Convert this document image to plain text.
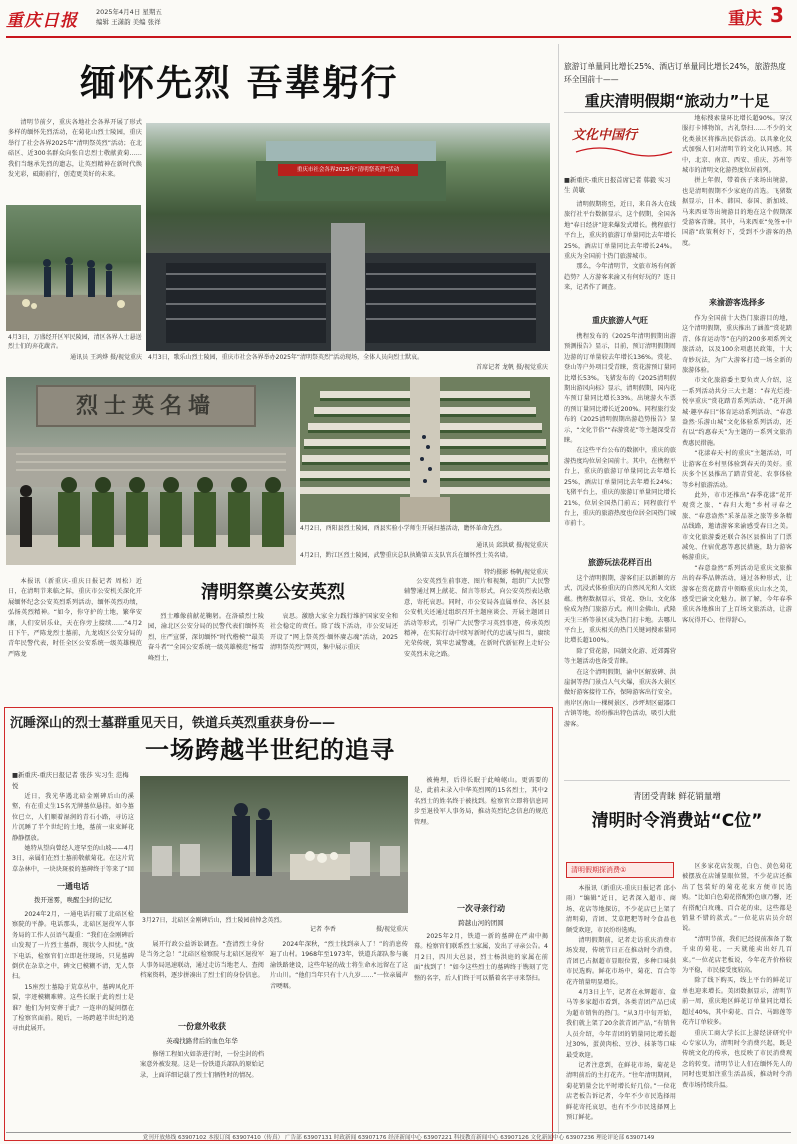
重庆日报	2025年4月4日 星期五
编辑 王潇韵 美编 张祥	重庆 3
缅怀先烈 吾辈躬行

清明节前夕，重庆各地社会各界开展了形式多样的缅怀先烈活动，在菊花山烈士陵园，重庆举行了社会各界2025年“清明祭英烈”活动；在北碚区、近300名群众向张自忠烈士敬献黄菊……我们当继承先烈的遗志，让英烈精神在新时代焕发光彩，砥砺前行，创造更美好的未来。

4月3日，万盛经开区军民陵园，清区各界人士悬送烈士们的弃花蔬音。
通讯员 王鸿烨 摄/视觉重庆
重庆市社会各界2025年“清明祭英烈”活动
4月3日，歌乐山烈士陵园，重庆市社会各界举办2025年“清明祭英烈”活动现场，全体人员向烈士默哀。
首席记者 龙帆 摄/视觉重庆
烈士英名墙
4月2日，酉阳县烈士陵园，酉县实验小学师生开展扫墓活动，瞻怀革命先烈。
通讯员 邱洪斌 摄/视觉重庆
4月2日，黔江区烈士陵园，武警重庆总队执勤第五支队官兵在缅怀烈士英名墙。
特约摄影 杨帆/视觉重庆

本报讯（新重庆-重庆日报记者 周松）近日，在清明节来临之际，重庆市公安机关深化开展缅怀纪念公安英烈系列活动，缅怀英烈功绩，弘扬英烈精神。“如今，你守护的土地，繁华安康，人们安居乐业，天在你旁上接续……”4月2日下午，严陈龙烈士墓前，九龙坡区公安分局的青年民警代表，时任全区公安系统一级英雄模范严陈龙

清明祭奠公安英烈

烈士雕像前献花鞠躬。在洛碛烈士陵园，渝北区公安分局的民警代表们缅怀英烈，庄严宣誓，深切缅怀“时代楷模”“最美奋斗者”“全国公安系统一级英雄模范”杨雪峰烈士，

哀思。激励大家全力践行维护国家安全和社会稳定的责任。除了线下活动，市公安局还开设了“网上祭英烈·缅怀赓志魂”活动，2025清明祭英烈“网页，集中展示重庆

公安英烈生前事迹、图片和视频，组织广大民警辅警通过网上献花、留言等形式，向公安英烈表达敬意，寄托哀思。同时，市公安局各直属单位、各区县公安机关还通过组织召开主题座谈会、开展主题团日活动等形式，引导广大民警学习英烈事迹，传承英烈精神，在实际行动中续写新时代的忠诚与担当，赓续光荣传统，筑牢忠诚警魂，在新时代新征程上走好公安英烈未竟之路。

沉睡深山的烈士墓群重见天日，铁道兵英烈重获身份——
一场跨越半世纪的追寻
■新重庆-重庆日报记者 张莎 实习生 范梅悦

近日，我光华遇北碚金刚碑后山的溪壑，有在重丈生15名无牌墓位悬挂。如今墓位已立，人们顺着湿润的青石小路，寻访这片沉睡了半个世纪的土地，墓前一束束鲜花静静摆放。

她特从望向曾经人迹罕至的山坡——4月3日，亲属们在烈士墓前敬献菊花。在这片荒草杂林中，一块块斑驳的墓碑终于等来了“回

一通电话
拨开迷雾，唤醒尘封的记忆

2024年2月，一通电话打破了北碚区检察院的平静。电话那头，北碚区退役军人事务局的工作人员语气凝重：“我们在金刚碑后山发现了一片烈士墓群，现状令人担忧。”放下电话，检察官们立即赶往现场，只见墓碑倒伏在杂草之中，碑文已模糊不清，无人祭扫。

15座烈士墓隐于荒草丛中，墓碑风化开裂，字迹模糊难辨。这些长眠于此的烈士是谁？他们为何安葬于此？一连串的疑问摆在了检察官面前。随后，一场跨越半世纪的追寻由此展开。

3月27日，北碚区金刚碑后山，烈士陵园前悼念英烈。
记者 李香	摄/视觉重庆

展开行政公益诉讼调查。“查清烈士身份是当务之急！”北碚区检察院与北碚区退役军人事务局迅速联动，通过走访当地老人、查阅档案资料，逐步拼凑出了烈士们的身份信息。

一份意外收获
英魂找路背后的血色年华

修缮工程如火如荼进行时，一份尘封的档案意外被发现。这是一份铁道兵部队的原始记录，上面详细记载了烈士们牺牲时的情况。

2024年深秋，“烈士找到亲人了！”的消息传遍了山村。1968年至1973年，铁道兵部队参与襄渝铁路建设，这些年轻的战士将生命永远留在了这片山川。“他们当年只有十八九岁……”一位亲属声音哽咽。

被掩埋，后得长眠于此崎岖山。更需要的是，此前未录入中华英烈网的15名烈士，其中2名烈士的姓名终于被找到。检察官立即将信息同步至退役军人事务局，推动英烈纪念信息的规范管理。

一次寻亲行动
跨越山河的团圆

2025年2月，铁道一新的墓碑在严肃中揭幕。检察官们联系烈士家属，发出了寻亲公告。4月2日，四川大邑县，烈士杨洪庭的家属在前面“找到了！”如今这些烈士的墓碑终于镌刻了完整的名字，后人们终于可以循着名字寻来祭扫。

旅游订单量同比增长25%、酒店订单量同比增长24%，旅游热度环全国前十——
重庆清明假期“旅动力”十足
文化中国行
■新重庆-重庆日报首席记者 韩毅 实习生 黄敏

清明假期将至，近日，来自各大在线旅行社平台数据显示，这个假期，全国各地“春日经济”迎来爆发式增长。携程旅行平台上，重庆的旅游订单量同比去年增长25%，酒店订单量同比去年增长24%。重庆为全国前十热门旅游城市。

那么，今年清明节，文旅市场有何新趋势？人方游客来渝又有何好玩的？连日来，记者作了调查。

重庆旅游人气旺

携程发布的《2025年清明假期出游预测报告》显示，目前，预订清明假期周边游的订单量较去年增长136%。赏花、登山等户外项目受青睐，赏花游预订量同比增长53%。飞猪发布的《2025清明假期出游风向标》显示，清明假期，国内花车预订量同比增长33%。出境游火车票的预订量同比增长近200%。同程旅行发布的《2025清明假期出游趋势报告》显示，“文化节俗”“春游赏花”等主题深受青睐。

在这些平台公布的数据中，重庆的旅游热度均位居全国前十。其中，在携程平台上，重庆的旅游订单量同比去年增长25%，酒店订单量同比去年增长24%；飞猪平台上，重庆的旅游订单量同比增长21%，位居全国热门前五；同程旅行平台上，重庆的旅游热度也位居全国热门城市前十。

旅游玩法花样百出

这个清明假期，游客们正以新颖的方式，沉浸式体验重庆的自然风光和人文底蕴。携程数据显示，赏花、登山、文化体验成为热门旅游方式。南川金佛山、武隆天生三桥等景区成为热门打卡地。去哪儿平台上，重庆相关的热门关键词搜索量同比增长超100%。

除了赏花游，国潮文化游、近郊露营等主题活动也备受青睐。

在这个清明假期，渝中区解放碑、洪崖洞等热门景点人气火爆，重庆各大景区做好游客接待工作，保障游客出行安全。南岸区南山一棵树景区、沙坪坝区磁器口古镇等地，纷纷推出特色活动，吸引大批游客。

地标搜索量环比增长超90%。穿汉服打卡博物馆，古礼祭扫……不少的文化类景区将推出民俗活动。以具象化仪式加强人们对清明节的文化认同感。其中，北京、南京、西安、重庆、苏州等城市的清明文化游热度位居前列。

拼上年假，带着孩子来场出境游，也是清明假期不少家庭的首选。飞猪数据显示，日本、韩国、泰国、新加坡、马来西亚等出境游目的地在这个假期深受游客青睐。其中，马来西亚“免签+中国游”政策利好下，受到不少游客的热度。

来渝游客选择多

作为全国前十大热门旅游目的地，这个清明假期，重庆推出了涵盖“赏花踏青、体育运动等”在内的200多项系列文旅活动，以及100余项惠民政策，十大奇妙玩法，为广大游客打造一场全新的旅游体验。

市文化旅游委主要负责人介绍，这一系列活动共分三大主题：“春光烂漫·悦享重庆”赏花踏青系列活动、“花开满城·趣享春日”体育运动系列活动、“春意盎然·乐游山城”文化体验系列活动，还有以“约惠春天”为主题的一系列文旅消费惠民措施。

“花漾春天·村的重庆”主题活动，可让游客在乡村里体验到春天的美好。重庆多个区县推出了踏青赏花、农事体验等乡村旅游活动。

此外，市市还推出“春季花漾”花开观赏之旅、“春归大地”乡村寻春之旅、“春意盎然”采茶品茶之旅等多条精品线路，邀请游客来渝感受春日之美。市文化旅游委还联合各区县推出了门票减免、住宿优惠等惠民措施，助力游客畅游重庆。

“春意盎然”系列活动是重庆文旅推出的春季品牌活动，通过各种形式，让游客在赏花踏青中领略重庆山水之美，感受巴渝文化魅力。据了解，今年春季重庆各地推出了上百场文旅活动，让游客玩得开心、住得舒心。

青团受青睐 鲜花销量增
清明时令消费站“C位”
清明假期探消费①

本报讯（新重庆-重庆日报记者 邱小雨）“编辑”近日，记者深入超市、商场、花店等地探访，不少花店已上架了清明菊，青团、艾草粑粑等时令食品也颇受欢迎，市民纷纷选购。

清明假期前，记者走访重庆消费市场发现，传统节日正在推动时令消费。青团已占据超市显眼位置，多种口味供市民选购。鲜花市场中，菊花、百合等花卉销量明显增长。

4月3日上午，记者在永辉超市、盒马等多家超市看到，各类青团产品已成为超市销售的热门。“从3月中旬开始，我们就上架了20余款青团产品，”有销售人员介绍，今年青团的销量同比增长超过30%，蛋黄肉松、豆沙、抹茶等口味最受欢迎。

记者注意到，在鲜花市场，菊花是清明前后的主打花卉。“往年清明期间，菊花销量会比平时增长好几倍。”一位花店老板告诉记者，今年不少市民选择用鲜花寄托哀思，也有不少市民选择网上预订鲜花。

区多家花店发现，白色、黄色菊花被摆放在店铺显眼位置，不少花店还推出了包装好的菊花花束方便市民选购。“比如白色菊花搭配粉色康乃馨，还有搭配白玫瑰、百合花的束，这些都是销量不错的款式。”一位花店店员介绍说。

“清明节前，我们已经提前准备了数千束的菊花，一天就能卖出好几百束。”一位花店老板说，今年花卉价格较为平稳，市民接受度较高。

除了线下购买，线上平台的鲜花订单也迎来增长。美团数据显示，清明节前一周，重庆地区鲜花订单量同比增长超过40%，其中菊花、百合、马蹄莲等花卉订单较多。

重庆工商大学长江上游经济研究中心专家认为，清明时令消费兴起，既是传统文化的传承，也反映了市民消费观念的转变。清明节让人们在缅怀先人的同时也更加注重生活品质，推动时令消费市场持续升温。

党刊开放热线 63907102 本报订阅 63907410（传真） 广告部 63907131 时政新闻 63907176 经济新闻中心 63907221 科技教育新闻中心 63907126 文化新闻中心 63907236 理论评论部 63907149
